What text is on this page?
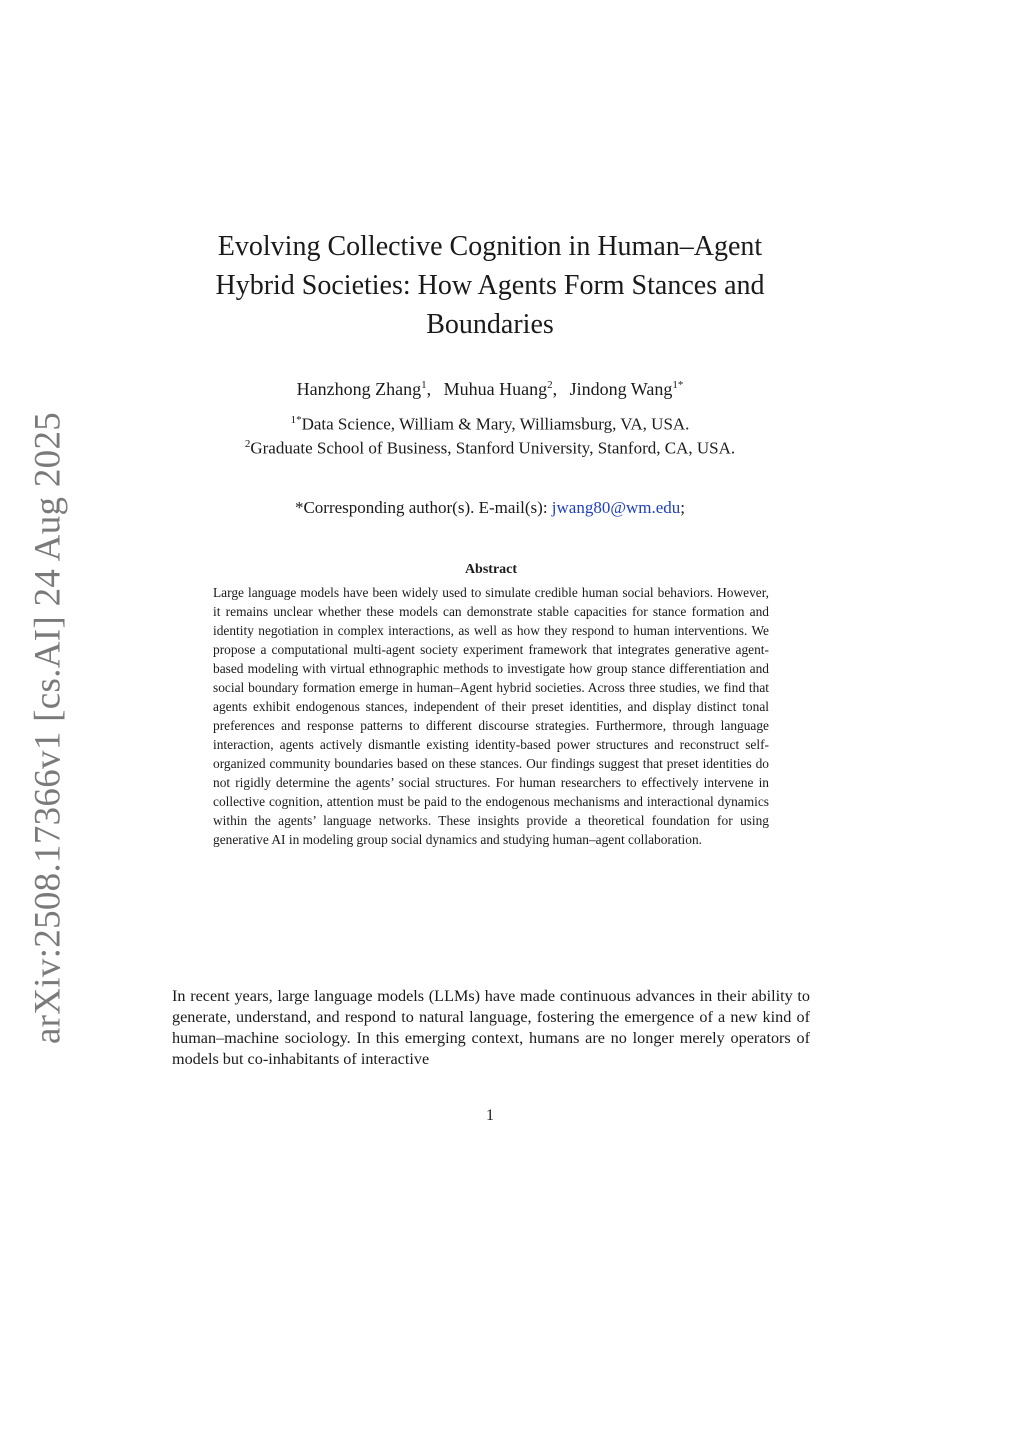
arXiv:2508.17366v1 [cs.AI] 24 Aug 2025
Evolving Collective Cognition in Human–Agent Hybrid Societies: How Agents Form Stances and Boundaries
Hanzhong Zhang$^1$, Muhua Huang$^2$, Jindong Wang$^{1*}$
$^{1*}$Data Science, William & Mary, Williamsburg, VA, USA.
$^2$Graduate School of Business, Stanford University, Stanford, CA, USA.
*Corresponding author(s). E-mail(s): jwang80@wm.edu;
Abstract

Large language models have been widely used to simulate credible human social behaviors. However, it remains unclear whether these models can demonstrate stable capacities for stance formation and identity negotiation in complex interactions, as well as how they respond to human interventions. We propose a computational multi-agent society experiment framework that integrates generative agent-based modeling with virtual ethnographic methods to investigate how group stance differentiation and social boundary formation emerge in human–Agent hybrid societies. Across three studies, we find that agents exhibit endogenous stances, independent of their preset identities, and display distinct tonal preferences and response patterns to different discourse strategies. Furthermore, through language interaction, agents actively dismantle existing identity-based power structures and reconstruct self-organized community boundaries based on these stances. Our findings suggest that preset identities do not rigidly determine the agents’ social structures. For human researchers to effectively intervene in collective cognition, attention must be paid to the endogenous mechanisms and interactional dynamics within the agents’ language networks. These insights provide a theoretical foundation for using generative AI in modeling group social dynamics and studying human–agent collaboration.

In recent years, large language models (LLMs) have made continuous advances in their ability to generate, understand, and respond to natural language, fostering the emergence of a new kind of human–machine sociology. In this emerging context, humans are no longer merely operators of models but co-inhabitants of interactive

1
